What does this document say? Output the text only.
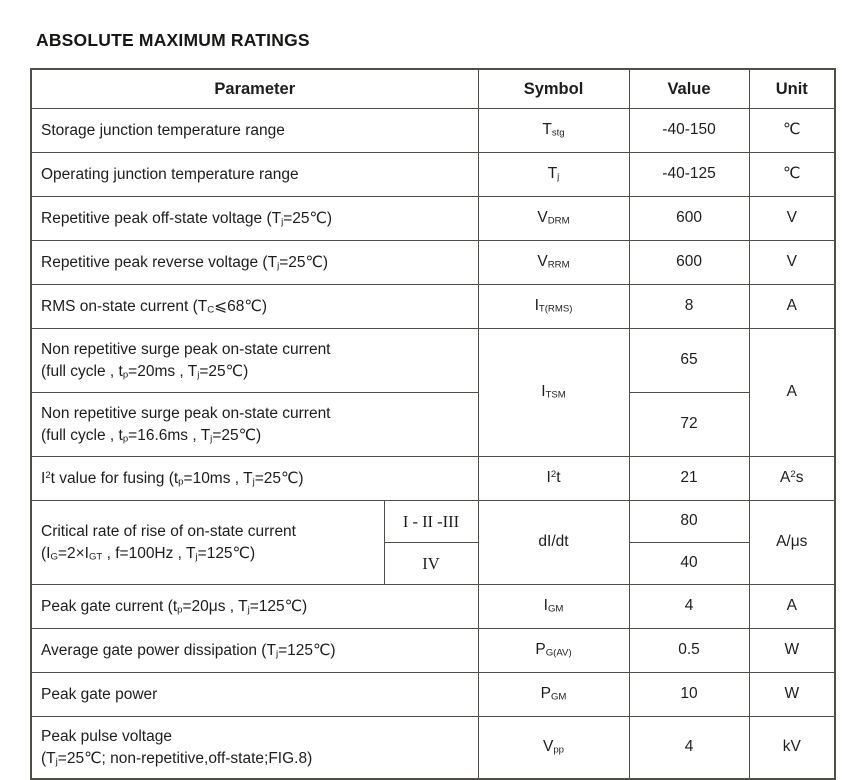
ABSOLUTE MAXIMUM RATINGS
Parameter		Symbol	Value	Unit
Storage junction temperature range		Tstg	-40-150	℃
Operating junction temperature range		Tj	-40-125	℃
Repetitive peak off-state voltage (Tj=25℃)		VDRM	600	V
Repetitive peak reverse voltage (Tj=25℃)		VRRM	600	V
RMS on-state current (TC⩽68℃)		IT(RMS)	8	A
Non repetitive surge peak on-state current
(full cycle , tp=20ms , Tj=25℃)		ITSM	65	A
Non repetitive surge peak on-state current
(full cycle , tp=16.6ms , Tj=25℃)			72	
$I^2t$ value for fusing (tp=10ms , Tj=25℃)		$I^2t$	21	$A^2s$
Critical rate of rise of on-state current
(IG=2×IGT , f=100Hz , Tj=125℃)	I - II -III	dI/dt	80	A/μs
	IV		40	
Peak gate current (tp=20μs , Tj=125℃)		IGM	4	A
Average gate power dissipation (Tj=125℃)		PG(AV)	0.5	W
Peak gate power		PGM	10	W
Peak pulse voltage
(Tj=25℃; non-repetitive,off-state;FIG.8)		Vpp	4	kV
